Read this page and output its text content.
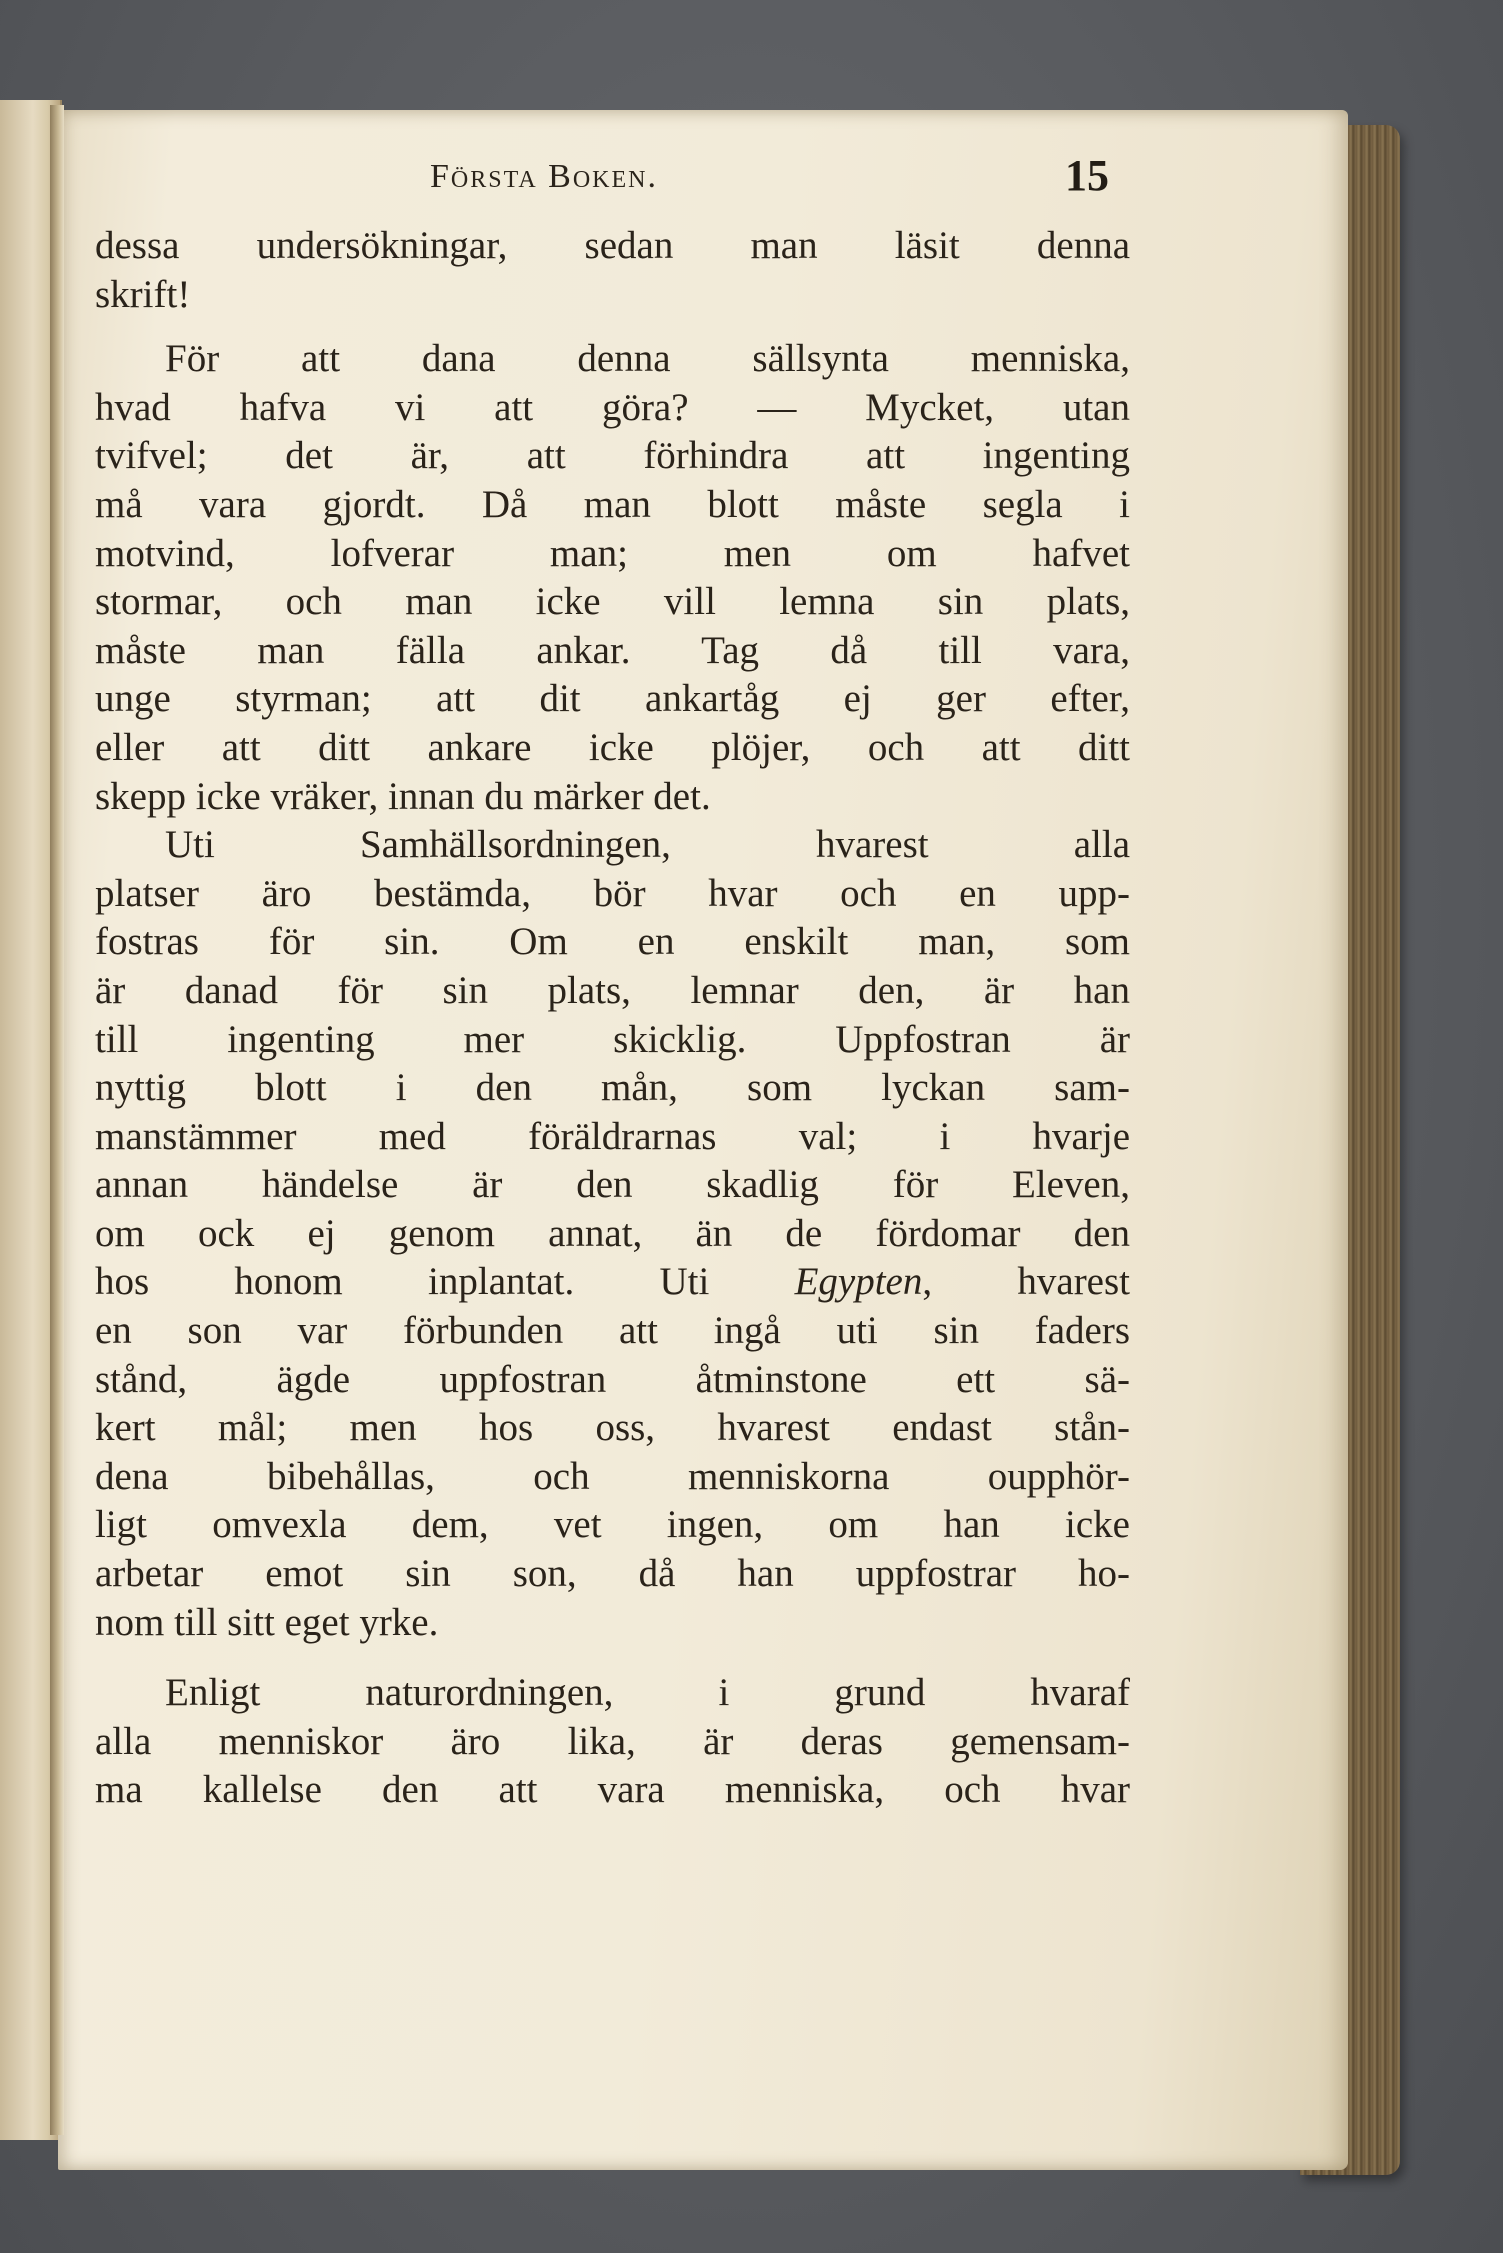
Första Boken.	15
dessa undersökningar, sedan man läsit denna
skrift!
För att dana denna sällsynta menniska,
hvad hafva vi att göra? — Mycket, utan
tvifvel; det är, att förhindra att ingenting
må vara gjordt. Då man blott måste segla i
motvind, lofverar man; men om hafvet
stormar, och man icke vill lemna sin plats,
måste man fälla ankar. Tag då till vara,
unge styrman; att dit ankartåg ej ger efter,
eller att ditt ankare icke plöjer, och att ditt
skepp icke vräker, innan du märker det.
Uti Samhällsordningen, hvarest alla
platser äro bestämda, bör hvar och en upp-
fostras för sin. Om en enskilt man, som
är danad för sin plats, lemnar den, är han
till ingenting mer skicklig. Uppfostran är
nyttig blott i den mån, som lyckan sam-
manstämmer med föräldrarnas val; i hvarje
annan händelse är den skadlig för Eleven,
om ock ej genom annat, än de fördomar den
hos honom inplantat. Uti Egypten, hvarest
en son var förbunden att ingå uti sin faders
stånd, ägde uppfostran åtminstone ett sä-
kert mål; men hos oss, hvarest endast stån-
dena bibehållas, och menniskorna oupphör-
ligt omvexla dem, vet ingen, om han icke
arbetar emot sin son, då han uppfostrar ho-
nom till sitt eget yrke.
Enligt naturordningen, i grund hvaraf
alla menniskor äro lika, är deras gemensam-
ma kallelse den att vara menniska, och hvar
